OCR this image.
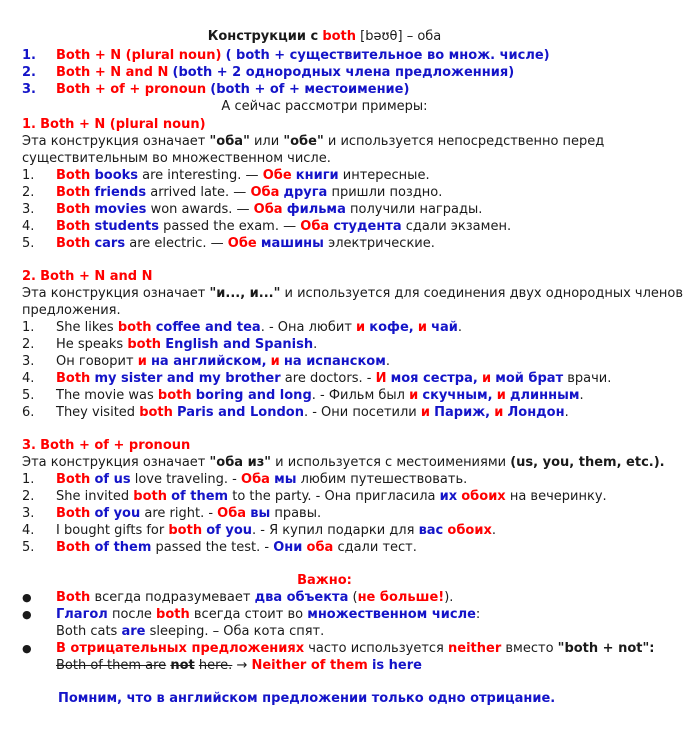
Конструкции с both [bəʊθ] – оба
1. Both + N (plural noun) ( both + существительное во множ. числе)
2. Both + N and N (both + 2 однородных члена предложенния)
3. Both + of + pronoun (both + of + местоимение)
А сейчас рассмотри примеры:
1. Both + N (plural noun)
Эта конструкция означает "оба" или "обе" и используется непосредственно перед
существительным во множественном числе.
1. Both books are interesting. — Обе книги интересные.
2. Both friends arrived late. — Оба друга пришли поздно.
3. Both movies won awards. — Оба фильма получили награды.
4. Both students passed the exam. — Оба студента сдали экзамен.
5. Both cars are electric. — Обе машины электрические.
2. Both + N and N
Эта конструкция означает "и..., и..." и используется для соединения двух однородных членов
предложения.
1. She likes both coffee and tea. - Она любит и кофе, и чай.
2. He speaks both English and Spanish.
3. Он говорит и на английском, и на испанском.
4. Both my sister and my brother are doctors. - И моя сестра, и мой брат врачи.
5. The movie was both boring and long. - Фильм был и скучным, и длинным.
6. They visited both Paris and London. - Они посетили и Париж, и Лондон.
3. Both + of + pronoun
Эта конструкция означает "оба из" и используется с местоимениями (us, you, them, etc.).
1. Both of us love traveling. - Оба мы любим путешествовать.
2. She invited both of them to the party. - Она пригласила их обоих на вечеринку.
3. Both of you are right. - Оба вы правы.
4. I bought gifts for both of you. - Я купил подарки для вас обоих.
5. Both of them passed the test. - Они оба сдали тест.
Важно:
● Both всегда подразумевает два объекта (не больше!).
● Глагол после both всегда стоит во множественном числе:
Both cats are sleeping. – Оба кота спят.
● В отрицательных предложениях часто используется neither вместо "both + not":
Both of them are not here. → Neither of them is here
Помним, что в английском предложении только одно отрицание.
